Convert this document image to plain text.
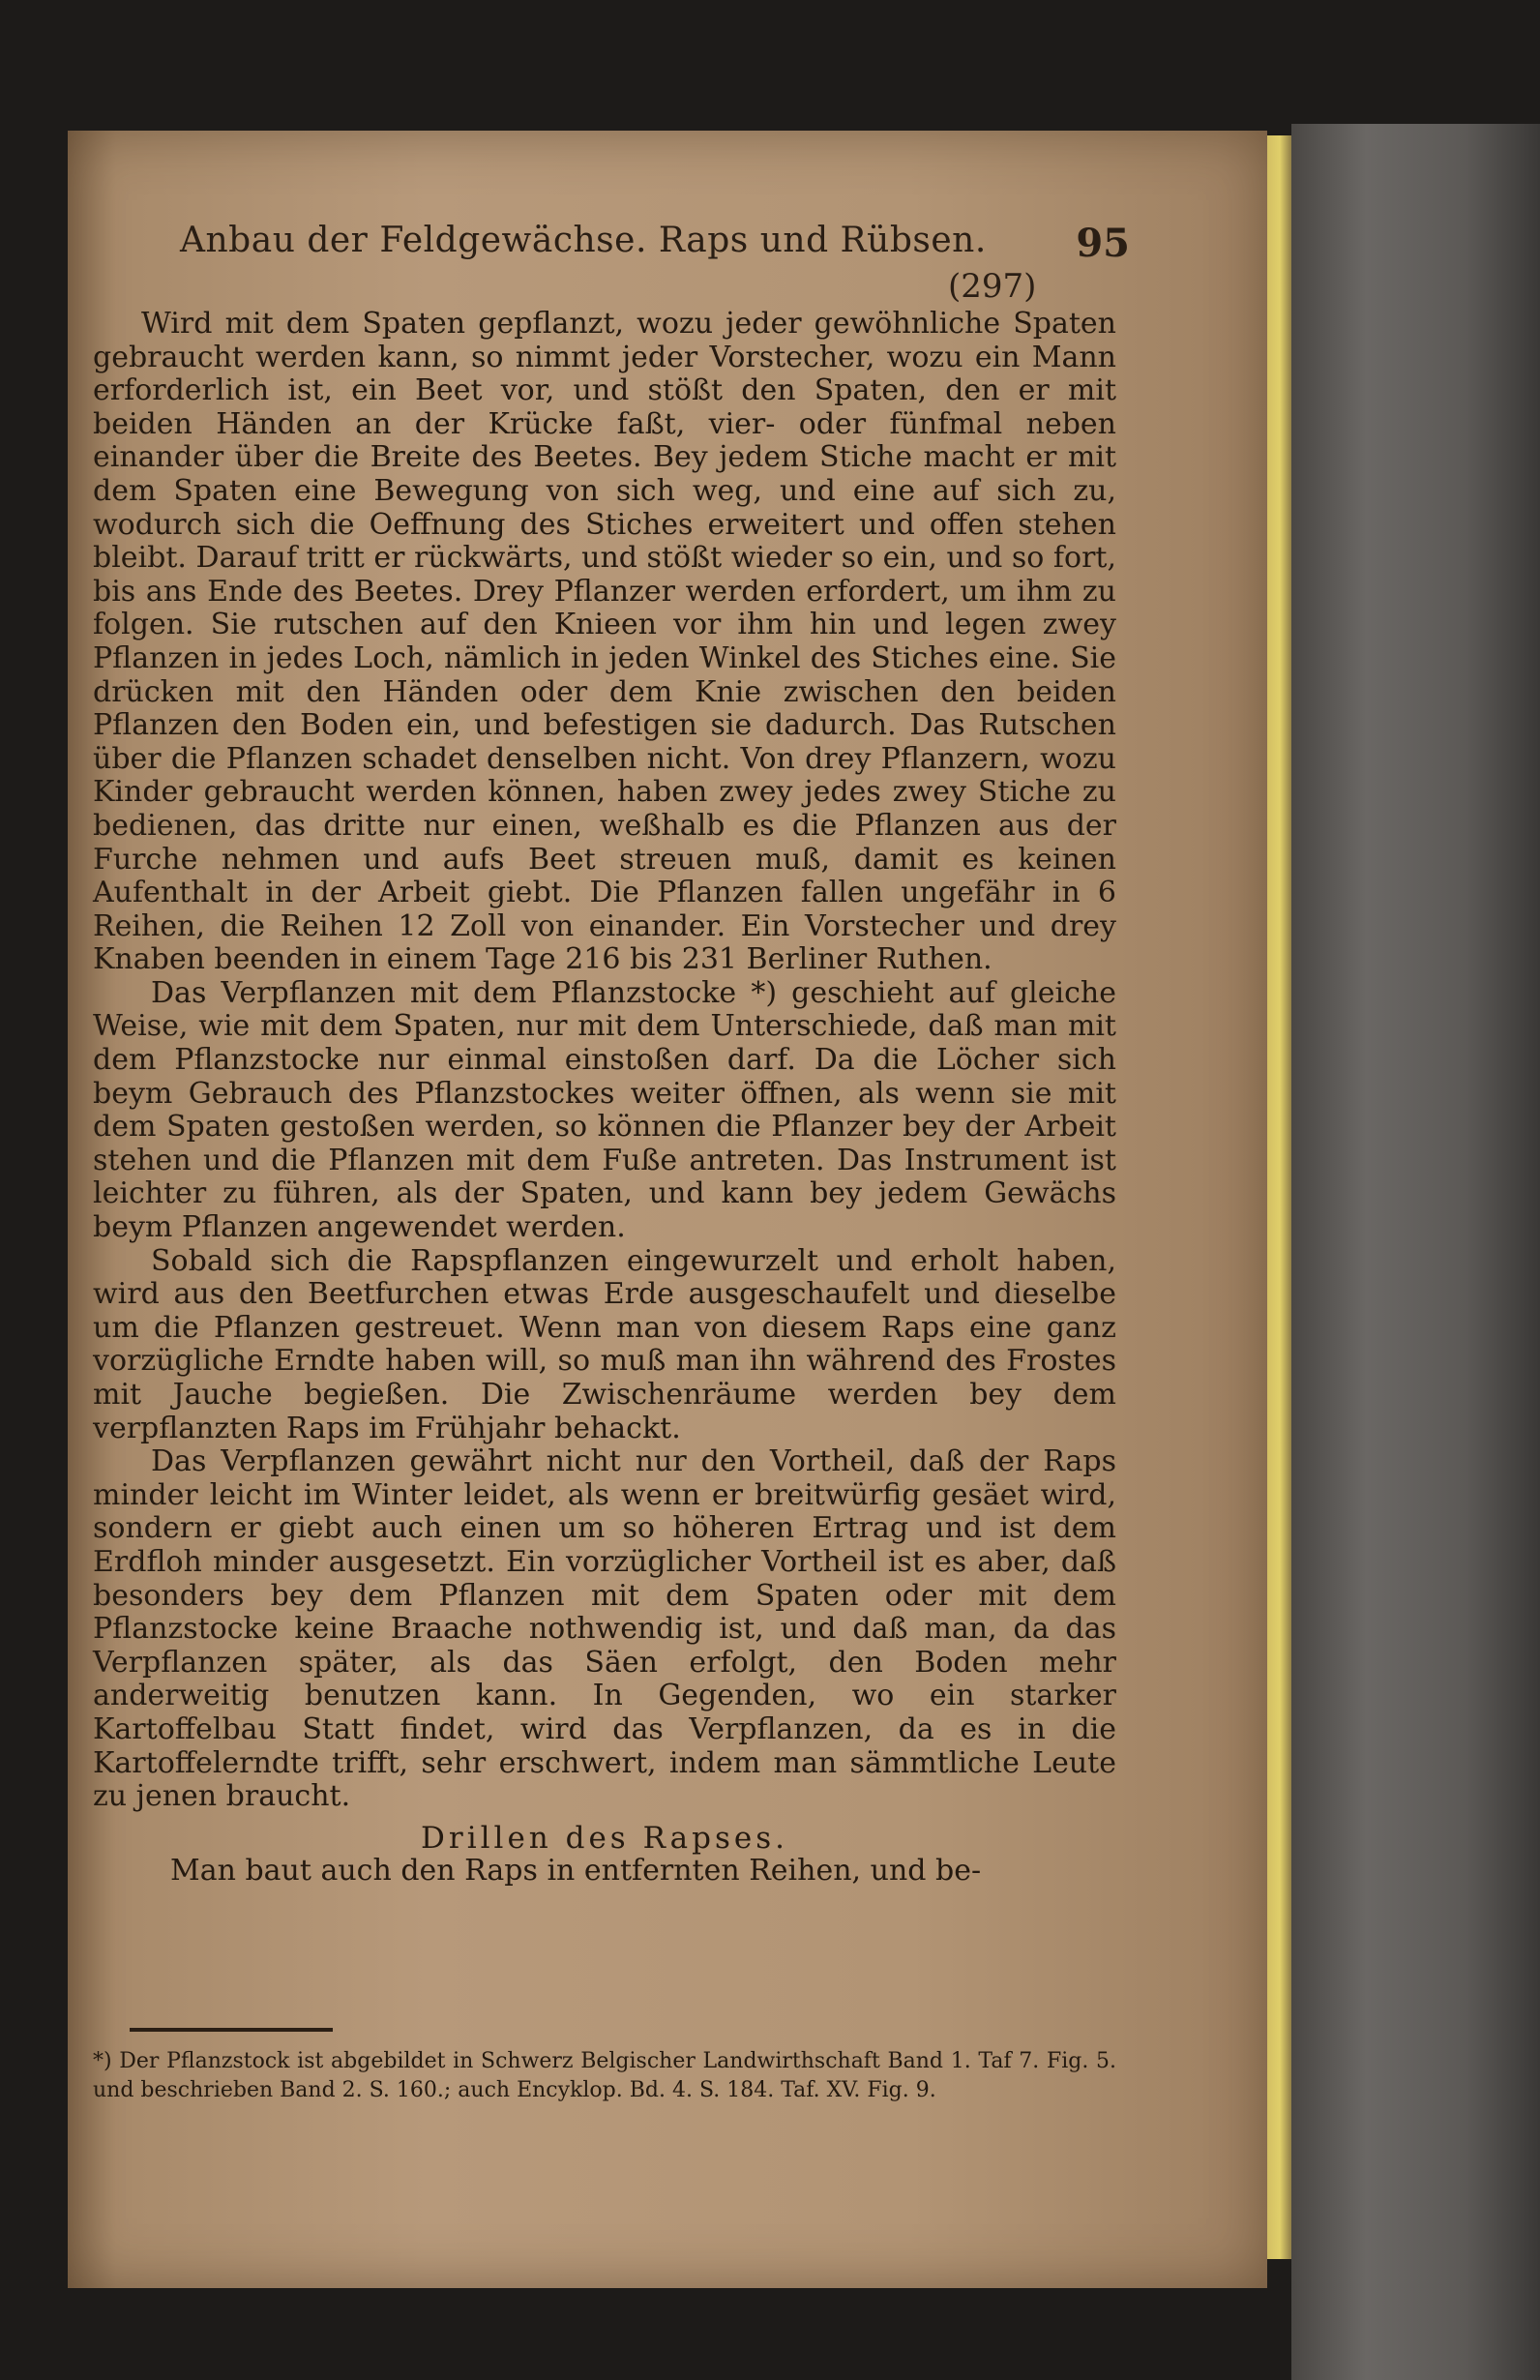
Anbau der Feldgewächse. Raps und Rübsen. 95
(297)

Wird mit dem Spaten gepflanzt, wozu jeder gewöhnliche Spaten gebraucht werden kann, so nimmt jeder Vorstecher, wozu ein Mann erforderlich ist, ein Beet vor, und stößt den Spaten, den er mit beiden Händen an der Krücke faßt, vier- oder fünfmal neben einander über die Breite des Beetes. Bey jedem Stiche macht er mit dem Spaten eine Bewegung von sich weg, und eine auf sich zu, wodurch sich die Oeffnung des Stiches erweitert und offen stehen bleibt. Darauf tritt er rückwärts, und stößt wieder so ein, und so fort, bis ans Ende des Beetes. Drey Pflanzer werden erfordert, um ihm zu folgen. Sie rutschen auf den Knieen vor ihm hin und legen zwey Pflanzen in jedes Loch, nämlich in jeden Winkel des Stiches eine. Sie drücken mit den Händen oder dem Knie zwischen den beiden Pflanzen den Boden ein, und befestigen sie dadurch. Das Rutschen über die Pflanzen schadet denselben nicht. Von drey Pflanzern, wozu Kinder gebraucht werden können, haben zwey jedes zwey Stiche zu bedienen, das dritte nur einen, weßhalb es die Pflanzen aus der Furche nehmen und aufs Beet streuen muß, damit es keinen Aufenthalt in der Arbeit giebt. Die Pflanzen fallen ungefähr in 6 Reihen, die Reihen 12 Zoll von einander. Ein Vorstecher und drey Knaben beenden in einem Tage 216 bis 231 Berliner Ruthen.

Das Verpflanzen mit dem Pflanzstocke *) geschieht auf gleiche Weise, wie mit dem Spaten, nur mit dem Unterschiede, daß man mit dem Pflanzstocke nur einmal einstoßen darf. Da die Löcher sich beym Gebrauch des Pflanzstockes weiter öffnen, als wenn sie mit dem Spaten gestoßen werden, so können die Pflanzer bey der Arbeit stehen und die Pflanzen mit dem Fuße antreten. Das Instrument ist leichter zu führen, als der Spaten, und kann bey jedem Gewächs beym Pflanzen angewendet werden.

Sobald sich die Rapspflanzen eingewurzelt und erholt haben, wird aus den Beetfurchen etwas Erde ausgeschaufelt und dieselbe um die Pflanzen gestreuet. Wenn man von diesem Raps eine ganz vorzügliche Erndte haben will, so muß man ihn während des Frostes mit Jauche begießen. Die Zwischenräume werden bey dem verpflanzten Raps im Frühjahr behackt.

Das Verpflanzen gewährt nicht nur den Vortheil, daß der Raps minder leicht im Winter leidet, als wenn er breitwürfig gesäet wird, sondern er giebt auch einen um so höheren Ertrag und ist dem Erdfloh minder ausgesetzt. Ein vorzüglicher Vortheil ist es aber, daß besonders bey dem Pflanzen mit dem Spaten oder mit dem Pflanzstocke keine Braache nothwendig ist, und daß man, da das Verpflanzen später, als das Säen erfolgt, den Boden mehr anderweitig benutzen kann. In Gegenden, wo ein starker Kartoffelbau Statt findet, wird das Verpflanzen, da es in die Kartoffelerndte trifft, sehr erschwert, indem man sämmtliche Leute zu jenen braucht.

Drillen des Rapses.

Man baut auch den Raps in entfernten Reihen, und be-

*) Der Pflanzstock ist abgebildet in Schwerz Belgischer Landwirthschaft Band 1. Taf 7. Fig. 5. und beschrieben Band 2. S. 160.; auch Encyklop. Bd. 4. S. 184. Taf. XV. Fig. 9.
